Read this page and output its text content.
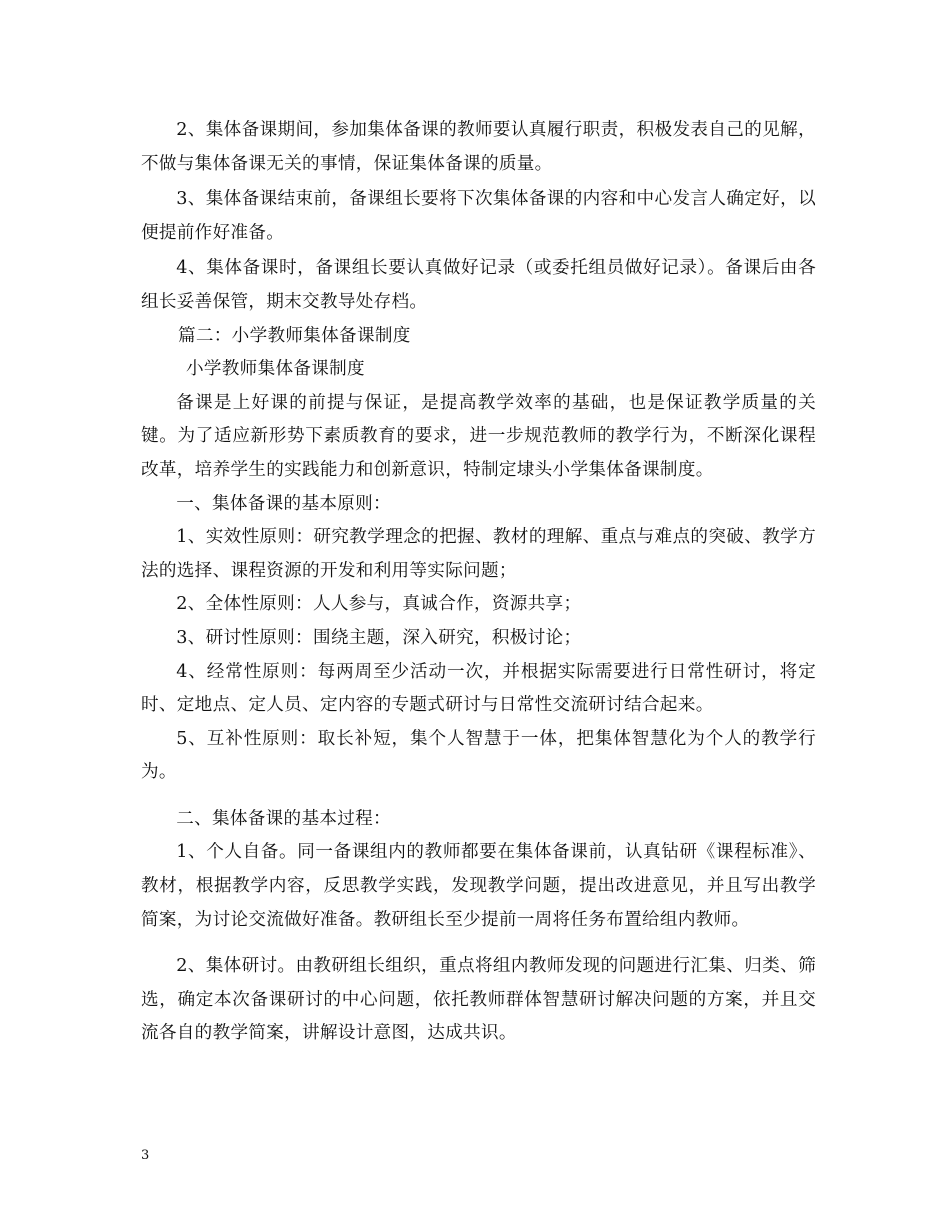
2、集体备课期间，参加集体备课的教师要认真履行职责，积极发表自己的见解，不做与集体备课无关的事情，保证集体备课的质量。

3、集体备课结束前，备课组长要将下次集体备课的内容和中心发言人确定好，以便提前作好准备。

4、集体备课时，备课组长要认真做好记录（或委托组员做好记录）。备课后由各组长妥善保管，期末交教导处存档。

篇二：小学教师集体备课制度

小学教师集体备课制度

备课是上好课的前提与保证，是提高教学效率的基础，也是保证教学质量的关键。为了适应新形势下素质教育的要求，进一步规范教师的教学行为，不断深化课程改革，培养学生的实践能力和创新意识，特制定埭头小学集体备课制度。

一、集体备课的基本原则：

1、实效性原则：研究教学理念的把握、教材的理解、重点与难点的突破、教学方法的选择、课程资源的开发和利用等实际问题；

2、全体性原则：人人参与，真诚合作，资源共享；

3、研讨性原则：围绕主题，深入研究，积极讨论；

4、经常性原则：每两周至少活动一次，并根据实际需要进行日常性研讨，将定时、定地点、定人员、定内容的专题式研讨与日常性交流研讨结合起来。

5、互补性原则：取长补短，集个人智慧于一体，把集体智慧化为个人的教学行为。

二、集体备课的基本过程：

1、个人自备。同一备课组内的教师都要在集体备课前，认真钻研《课程标准》、教材，根据教学内容，反思教学实践，发现教学问题，提出改进意见，并且写出教学简案，为讨论交流做好准备。教研组长至少提前一周将任务布置给组内教师。

2、集体研讨。由教研组长组织，重点将组内教师发现的问题进行汇集、归类、筛选，确定本次备课研讨的中心问题，依托教师群体智慧研讨解决问题的方案，并且交流各自的教学简案，讲解设计意图，达成共识。

3
